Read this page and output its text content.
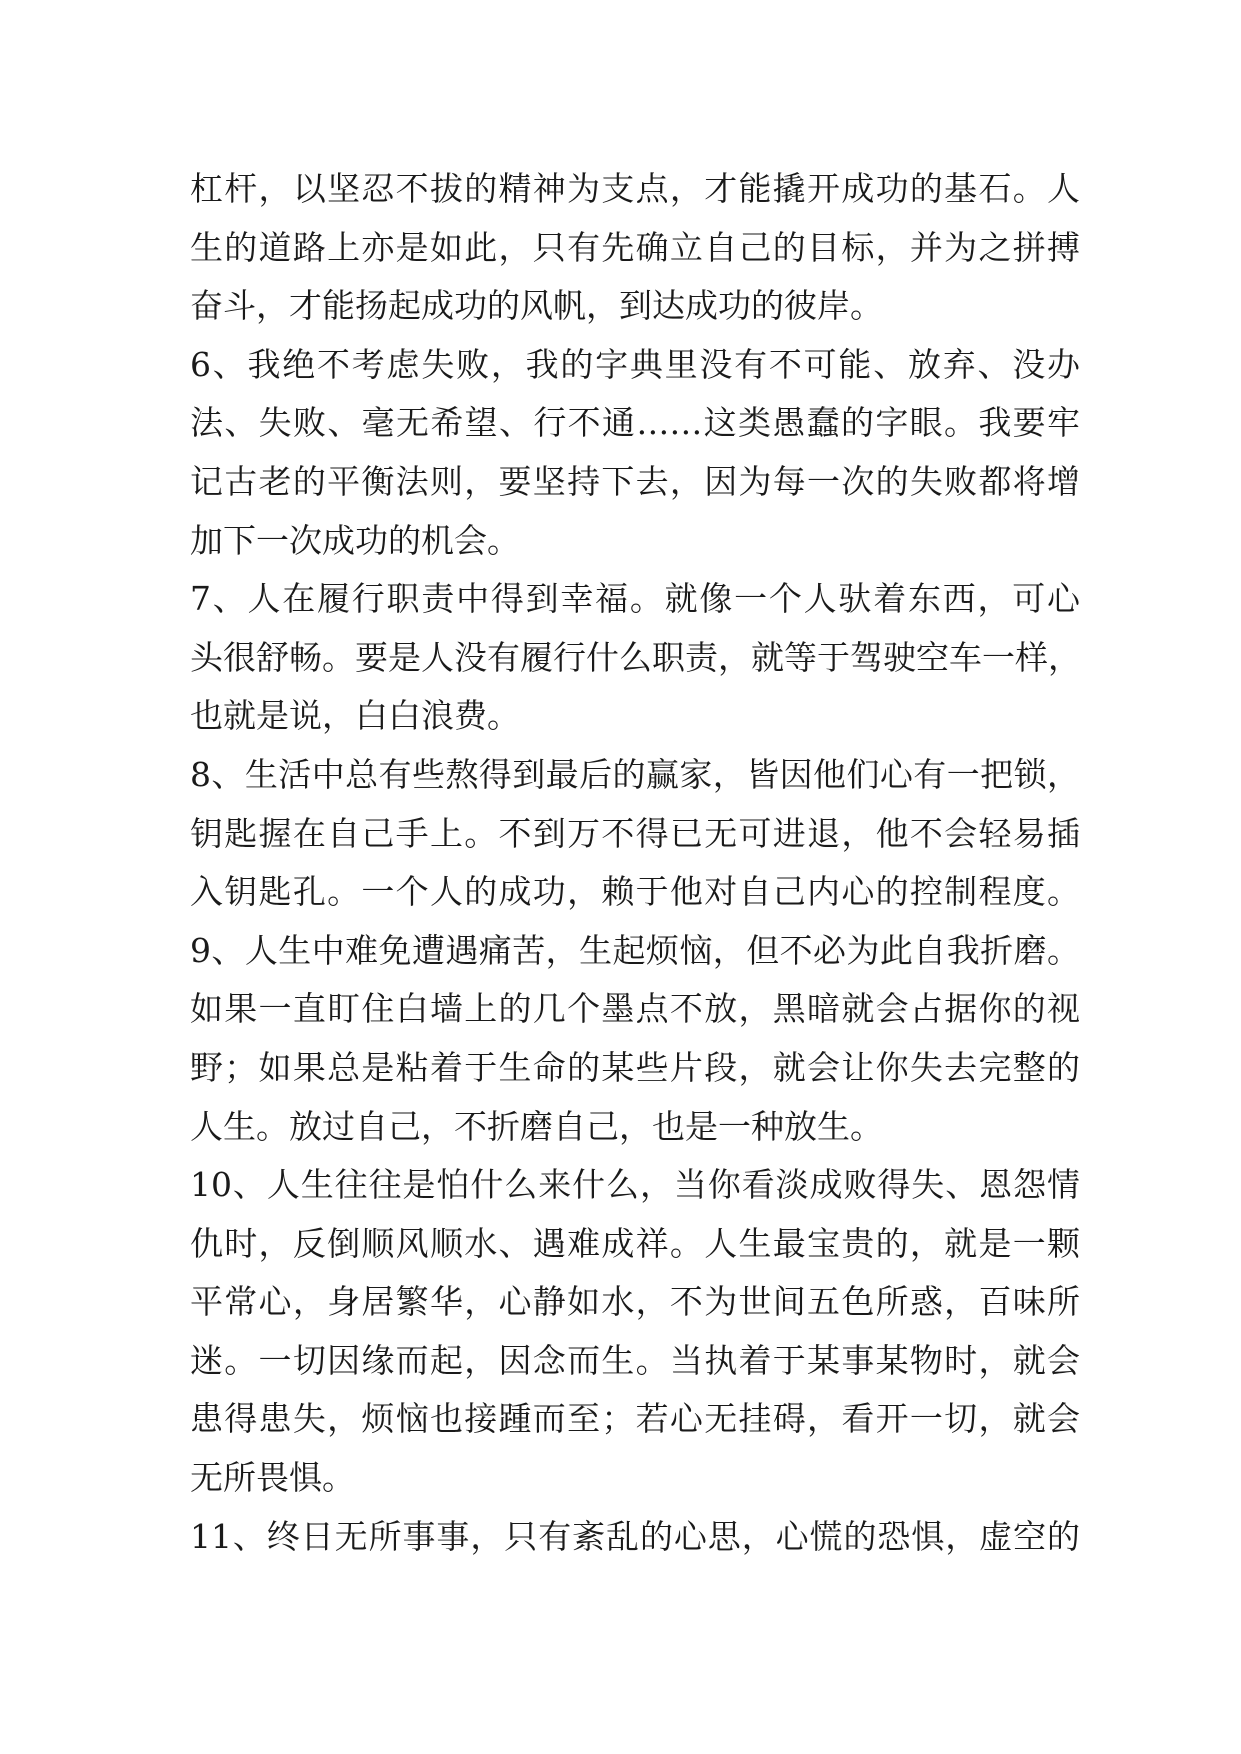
杠杆，以坚忍不拔的精神为支点，才能撬开成功的基石。人
生的道路上亦是如此，只有先确立自己的目标，并为之拼搏
奋斗，才能扬起成功的风帆，到达成功的彼岸。
6、我绝不考虑失败，我的字典里没有不可能、放弃、没办
法、失败、毫无希望、行不通……这类愚蠢的字眼。我要牢
记古老的平衡法则，要坚持下去，因为每一次的失败都将增
加下一次成功的机会。
7、人在履行职责中得到幸福。就像一个人驮着东西，可心
头很舒畅。要是人没有履行什么职责，就等于驾驶空车一样，
也就是说，白白浪费。
8、生活中总有些熬得到最后的赢家，皆因他们心有一把锁，
钥匙握在自己手上。不到万不得已无可进退，他不会轻易插
入钥匙孔。一个人的成功，赖于他对自己内心的控制程度。
9、人生中难免遭遇痛苦，生起烦恼，但不必为此自我折磨。
如果一直盯住白墙上的几个墨点不放，黑暗就会占据你的视
野；如果总是粘着于生命的某些片段，就会让你失去完整的
人生。放过自己，不折磨自己，也是一种放生。
10、人生往往是怕什么来什么，当你看淡成败得失、恩怨情
仇时，反倒顺风顺水、遇难成祥。人生最宝贵的，就是一颗
平常心，身居繁华，心静如水，不为世间五色所惑，百味所
迷。一切因缘而起，因念而生。当执着于某事某物时，就会
患得患失，烦恼也接踵而至；若心无挂碍，看开一切，就会
无所畏惧。
11、终日无所事事，只有紊乱的心思，心慌的恐惧，虚空的
